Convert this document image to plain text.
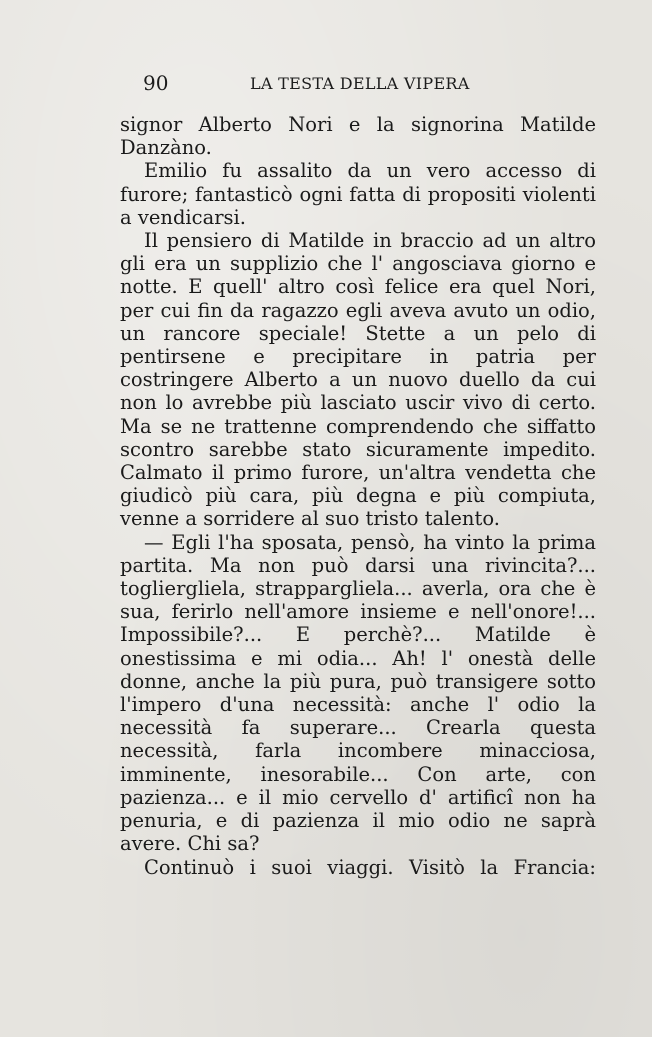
90	LA TESTA DELLA VIPERA

signor Alberto Nori e la signorina Matilde Danzàno.

Emilio fu assalito da un vero accesso di furore; fantasticò ogni fatta di propositi violenti a vendicarsi.

Il pensiero di Matilde in braccio ad un altro gli era un supplizio che l' angosciava giorno e notte. E quell' altro così felice era quel Nori, per cui fin da ragazzo egli aveva avuto un odio, un rancore speciale! Stette a un pelo di pentirsene e precipitare in patria per costringere Alberto a un nuovo duello da cui non lo avrebbe più lasciato uscir vivo di certo. Ma se ne trattenne comprendendo che siffatto scontro sarebbe stato sicuramente impedito. Calmato il primo furore, un'altra vendetta che giudicò più cara, più degna e più compiuta, venne a sorridere al suo tristo talento.

— Egli l'ha sposata, pensò, ha vinto la prima partita. Ma non può darsi una rivincita?... toglierglielа, strappargliela... averla, ora che è sua, ferirlo nell'amore insieme e nell'onore!... Impossibile?... E perchè?... Matilde è onestissima e mi odia... Ah! l' onestà delle donne, anche la più pura, può transigere sotto l'impero d'una necessità: anche l' odio la necessità fa superare... Crearla questa necessità, farla incombere minacciosa, imminente, inesorabile... Con arte, con pazienza... e il mio cervello d' artificî non ha penuria, e di pazienza il mio odio ne saprà avere. Chi sa?

Continuò i suoi viaggi. Visitò la Francia:
